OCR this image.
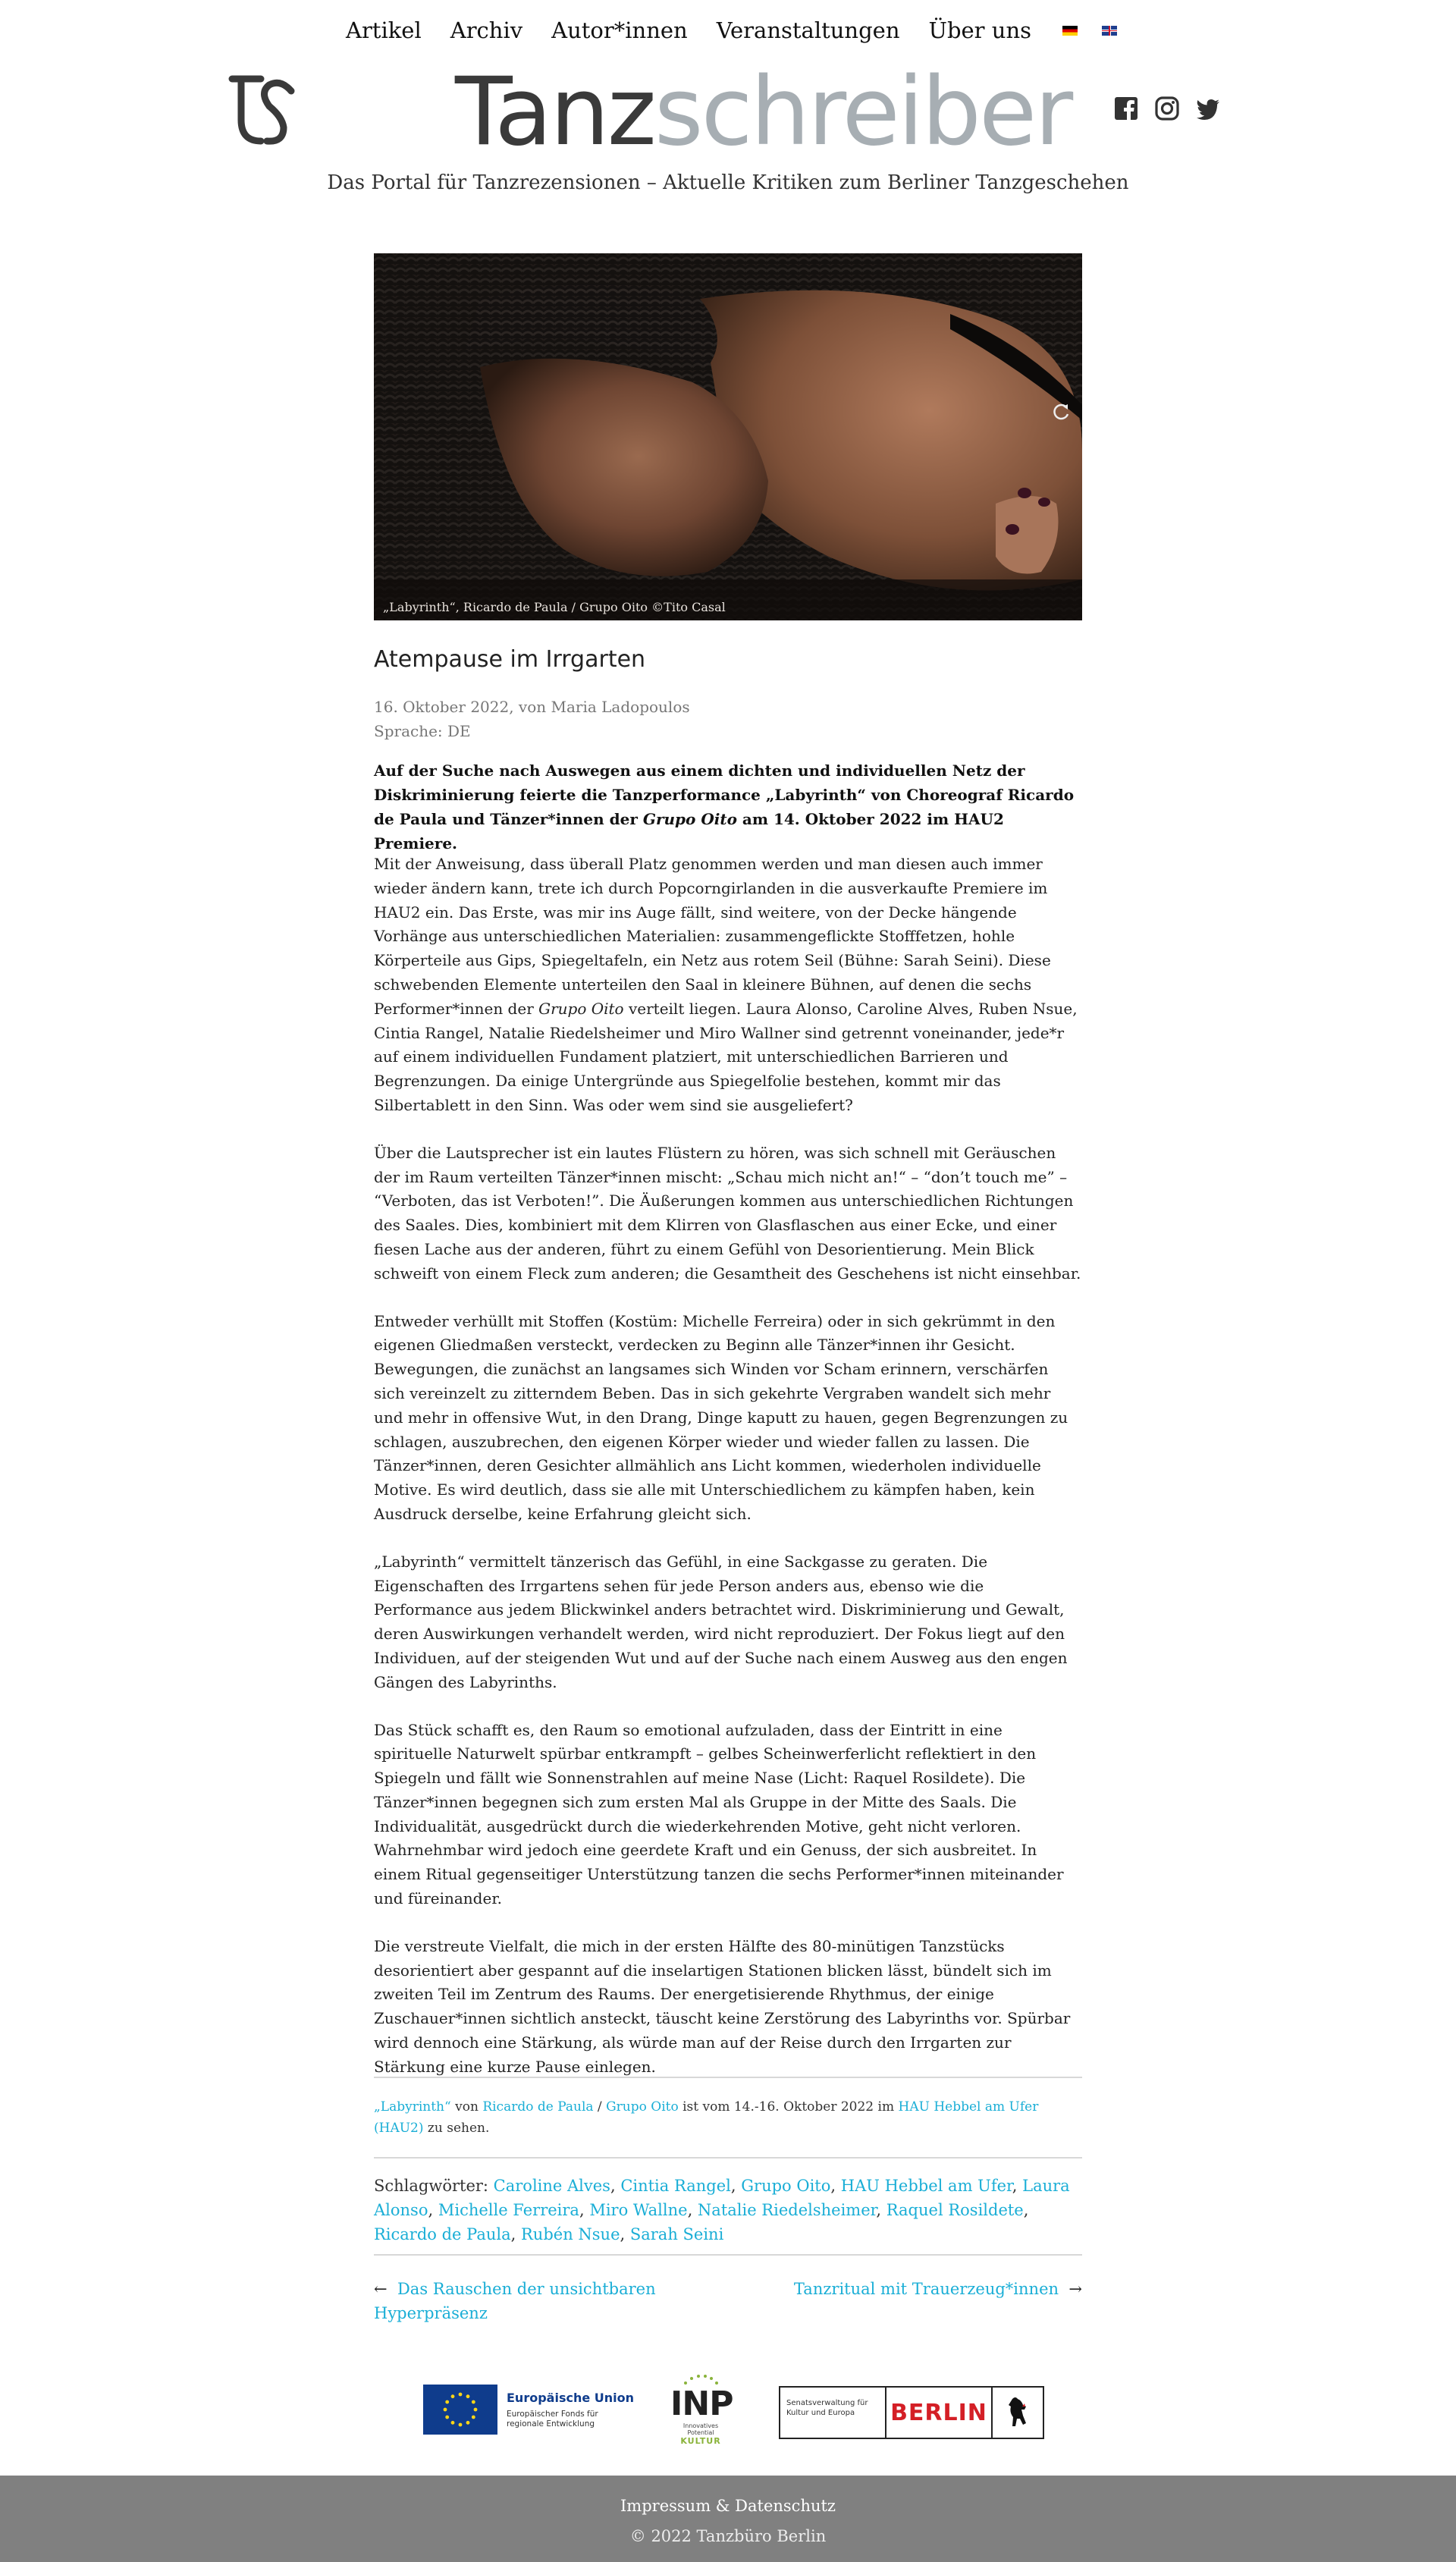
Artikel Archiv Autor*innen Veranstaltungen Über uns
Tanzschreiber
Das Portal für Tanzrezensionen – Aktuelle Kritiken zum Berliner Tanzgeschehen
„Labyrinth“, Ricardo de Paula / Grupo Oito ©Tito Casal
Atempause im Irrgarten
16. Oktober 2022, von Maria Ladopoulos
Sprache: DE

Auf der Suche nach Auswegen aus einem dichten und individuellen Netz der Diskriminierung feierte die Tanzperformance „Labyrinth“ von Choreograf Ricardo de Paula und Tänzer*innen der Grupo Oito am 14. Oktober 2022 im HAU2 Premiere.

Mit der Anweisung, dass überall Platz genommen werden und man diesen auch immer wieder ändern kann, trete ich durch Popcorngirlanden in die ausverkaufte Premiere im HAU2 ein. Das Erste, was mir ins Auge fällt, sind weitere, von der Decke hängende Vorhänge aus unterschiedlichen Materialien: zusammengeflickte Stofffetzen, hohle Körperteile aus Gips, Spiegeltafeln, ein Netz aus rotem Seil (Bühne: Sarah Seini). Diese schwebenden Elemente unterteilen den Saal in kleinere Bühnen, auf denen die sechs Performer*innen der Grupo Oito verteilt liegen. Laura Alonso, Caroline Alves, Ruben Nsue, Cintia Rangel, Natalie Riedelsheimer und Miro Wallner sind getrennt voneinander, jede*r auf einem individuellen Fundament platziert, mit unterschiedlichen Barrieren und Begrenzungen. Da einige Untergründe aus Spiegelfolie bestehen, kommt mir das Silbertablett in den Sinn. Was oder wem sind sie ausgeliefert?

Über die Lautsprecher ist ein lautes Flüstern zu hören, was sich schnell mit Geräuschen der im Raum verteilten Tänzer*innen mischt: „Schau mich nicht an!“ – “don’t touch me” – “Verboten, das ist Verboten!”. Die Äußerungen kommen aus unterschiedlichen Richtungen des Saales. Dies, kombiniert mit dem Klirren von Glasflaschen aus einer Ecke, und einer fiesen Lache aus der anderen, führt zu einem Gefühl von Desorientierung. Mein Blick schweift von einem Fleck zum anderen; die Gesamtheit des Geschehens ist nicht einsehbar.

Entweder verhüllt mit Stoffen (Kostüm: Michelle Ferreira) oder in sich gekrümmt in den eigenen Gliedmaßen versteckt, verdecken zu Beginn alle Tänzer*innen ihr Gesicht. Bewegungen, die zunächst an langsames sich Winden vor Scham erinnern, verschärfen sich vereinzelt zu zitterndem Beben. Das in sich gekehrte Vergraben wandelt sich mehr und mehr in offensive Wut, in den Drang, Dinge kaputt zu hauen, gegen Begrenzungen zu schlagen, auszubrechen, den eigenen Körper wieder und wieder fallen zu lassen. Die Tänzer*innen, deren Gesichter allmählich ans Licht kommen, wiederholen individuelle Motive. Es wird deutlich, dass sie alle mit Unterschiedlichem zu kämpfen haben, kein Ausdruck derselbe, keine Erfahrung gleicht sich.

„Labyrinth“ vermittelt tänzerisch das Gefühl, in eine Sackgasse zu geraten. Die Eigenschaften des Irrgartens sehen für jede Person anders aus, ebenso wie die Performance aus jedem Blickwinkel anders betrachtet wird. Diskriminierung und Gewalt, deren Auswirkungen verhandelt werden, wird nicht reproduziert. Der Fokus liegt auf den Individuen, auf der steigenden Wut und auf der Suche nach einem Ausweg aus den engen Gängen des Labyrinths.

Das Stück schafft es, den Raum so emotional aufzuladen, dass der Eintritt in eine spirituelle Naturwelt spürbar entkrampft – gelbes Scheinwerferlicht reflektiert in den Spiegeln und fällt wie Sonnenstrahlen auf meine Nase (Licht: Raquel Rosildete). Die Tänzer*innen begegnen sich zum ersten Mal als Gruppe in der Mitte des Saals. Die Individualität, ausgedrückt durch die wiederkehrenden Motive, geht nicht verloren. Wahrnehmbar wird jedoch eine geerdete Kraft und ein Genuss, der sich ausbreitet. In einem Ritual gegenseitiger Unterstützung tanzen die sechs Performer*innen miteinander und füreinander.

Die verstreute Vielfalt, die mich in der ersten Hälfte des 80-minütigen Tanzstücks desorientiert aber gespannt auf die inselartigen Stationen blicken lässt, bündelt sich im zweiten Teil im Zentrum des Raums. Der energetisierende Rhythmus, der einige Zuschauer*innen sichtlich ansteckt, täuscht keine Zerstörung des Labyrinths vor. Spürbar wird dennoch eine Stärkung, als würde man auf der Reise durch den Irrgarten zur Stärkung eine kurze Pause einlegen.

„Labyrinth“ von Ricardo de Paula / Grupo Oito ist vom 14.-16. Oktober 2022 im HAU Hebbel am Ufer (HAU2) zu sehen.
Schlagwörter: Caroline Alves, Cintia Rangel, Grupo Oito, HAU Hebbel am Ufer, Laura Alonso, Michelle Ferreira, Miro Wallne, Natalie Riedelsheimer, Raquel Rosildete, Ricardo de Paula, Rubén Nsue, Sarah Seini
← Das Rauschen der unsichtbaren Hyperpräsenz
Tanzritual mit Trauerzeug*innen →
Europäische Union
Europäischer Fonds für regionale Entwicklung
INP
Innovatives Potential
KULTUR
Senatsverwaltung für Kultur und Europa	BERLIN
Impressum & Datenschutz
© 2022 Tanzbüro Berlin
